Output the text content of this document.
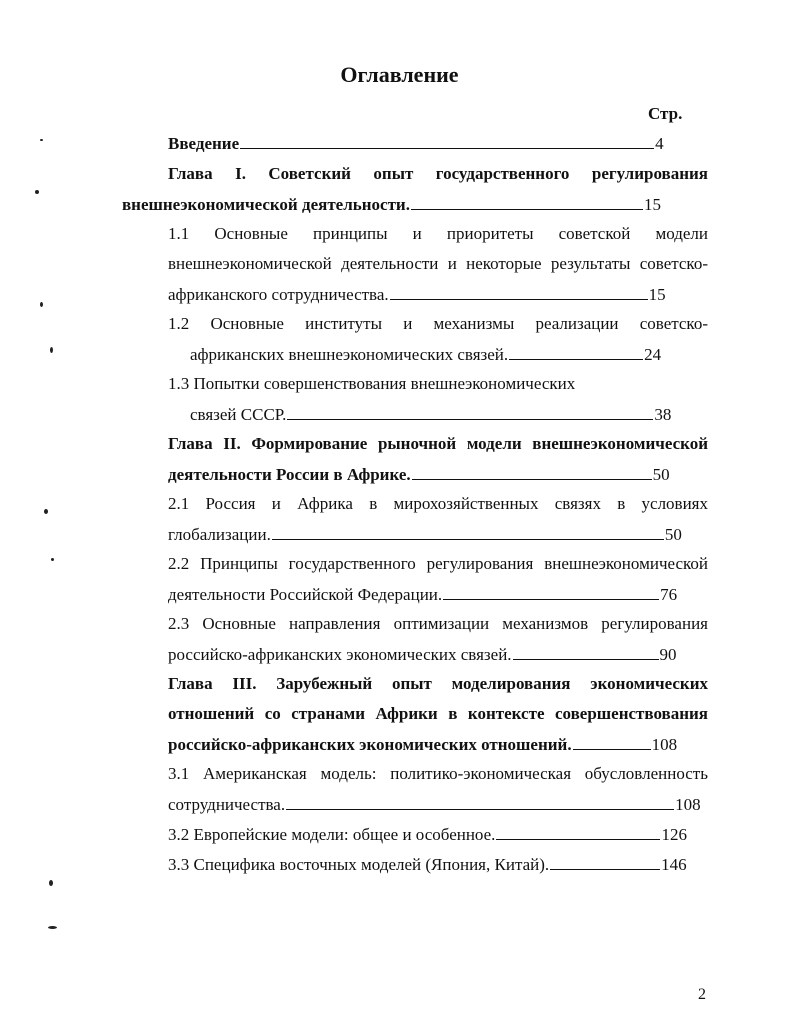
Оглавление
Стр.
Введение	4
Глава I. Советский опыт государственного регулирования
внешнеэкономической деятельности.	15
1.1 Основные принципы и приоритеты советской модели
внешнеэкономической деятельности и некоторые результаты советско-
африканского сотрудничества.	15
1.2 Основные институты и механизмы реализации советско-
африканских внешнеэкономических связей.	24
1.3 Попытки совершенствования внешнеэкономических
связей СССР.	38
Глава II. Формирование рыночной модели внешнеэкономической
деятельности России в Африке.	50
2.1 Россия и Африка в мирохозяйственных связях в условиях
глобализации.	50
2.2 Принципы государственного регулирования внешнеэкономической
деятельности Российской Федерации.	76
2.3 Основные направления оптимизации механизмов регулирования
российско-африканских экономических связей.	90
Глава III. Зарубежный опыт моделирования экономических
отношений со странами Африки в контексте совершенствования
российско-африканских экономических отношений.	108
3.1 Американская модель: политико-экономическая обусловленность
сотрудничества.	108
3.2 Европейские модели: общее и особенное.	126
3.3 Специфика восточных моделей (Япония, Китай).	146
2
